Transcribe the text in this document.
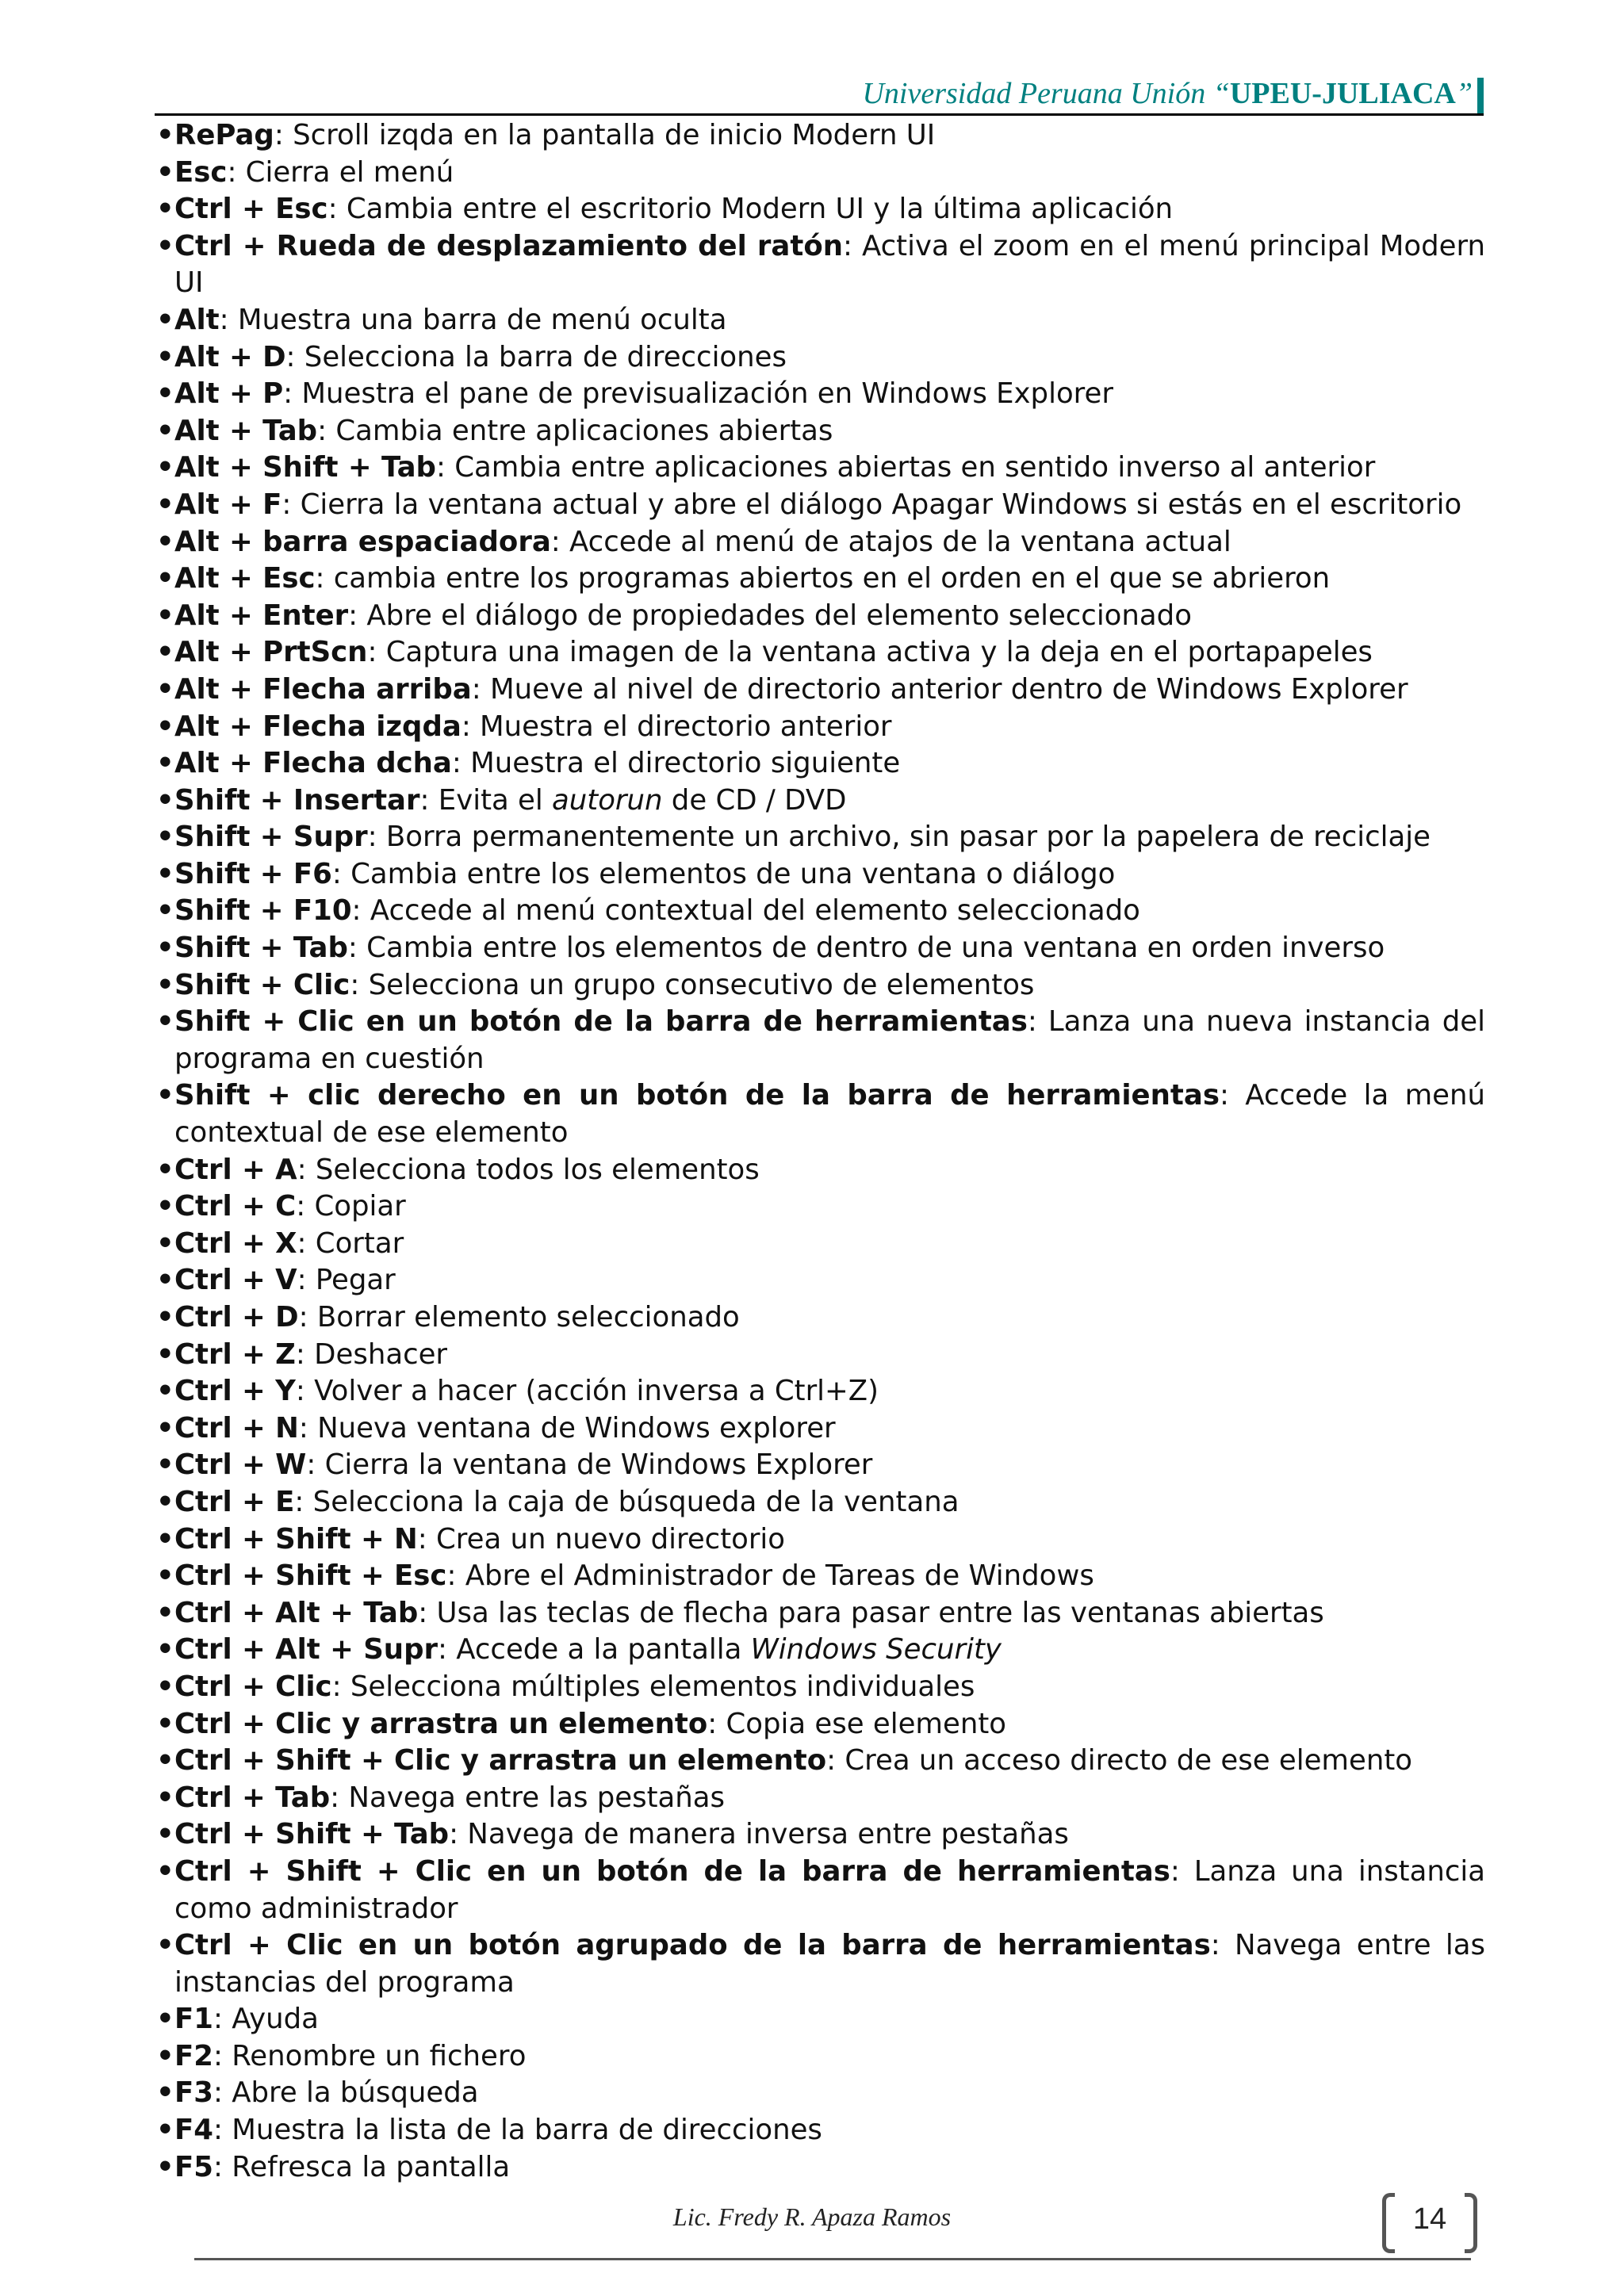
Universidad Peruana Unión “UPEU-JULIACA”
• RePag: Scroll izqda en la pantalla de inicio Modern UI
• Esc: Cierra el menú
• Ctrl + Esc: Cambia entre el escritorio Modern UI y la última aplicación
• Ctrl + Rueda de desplazamiento del ratón: Activa el zoom en el menú principal Modern UI
• Alt: Muestra una barra de menú oculta
• Alt + D: Selecciona la barra de direcciones
• Alt + P: Muestra el pane de previsualización en Windows Explorer
• Alt + Tab: Cambia entre aplicaciones abiertas
• Alt + Shift + Tab: Cambia entre aplicaciones abiertas en sentido inverso al anterior
• Alt + F: Cierra la ventana actual y abre el diálogo Apagar Windows si estás en el escritorio
• Alt + barra espaciadora: Accede al menú de atajos de la ventana actual
• Alt + Esc: cambia entre los programas abiertos en el orden en el que se abrieron
• Alt + Enter: Abre el diálogo de propiedades del elemento seleccionado
• Alt + PrtScn: Captura una imagen de la ventana activa y la deja en el portapapeles
• Alt + Flecha arriba: Mueve al nivel de directorio anterior dentro de Windows Explorer
• Alt + Flecha izqda: Muestra el directorio anterior
• Alt + Flecha dcha: Muestra el directorio siguiente
• Shift + Insertar: Evita el autorun de CD / DVD
• Shift + Supr: Borra permanentemente un archivo, sin pasar por la papelera de reciclaje
• Shift + F6: Cambia entre los elementos de una ventana o diálogo
• Shift + F10: Accede al menú contextual del elemento seleccionado
• Shift + Tab: Cambia entre los elementos de dentro de una ventana en orden inverso
• Shift + Clic: Selecciona un grupo consecutivo de elementos
• Shift + Clic en un botón de la barra de herramientas: Lanza una nueva instancia del programa en cuestión
• Shift + clic derecho en un botón de la barra de herramientas: Accede la menú contextual de ese elemento
• Ctrl + A: Selecciona todos los elementos
• Ctrl + C: Copiar
• Ctrl + X: Cortar
• Ctrl + V: Pegar
• Ctrl + D: Borrar elemento seleccionado
• Ctrl + Z: Deshacer
• Ctrl + Y: Volver a hacer (acción inversa a Ctrl+Z)
• Ctrl + N: Nueva ventana de Windows explorer
• Ctrl + W: Cierra la ventana de Windows Explorer
• Ctrl + E: Selecciona la caja de búsqueda de la ventana
• Ctrl + Shift + N: Crea un nuevo directorio
• Ctrl + Shift + Esc: Abre el Administrador de Tareas de Windows
• Ctrl + Alt + Tab: Usa las teclas de flecha para pasar entre las ventanas abiertas
• Ctrl + Alt + Supr: Accede a la pantalla Windows Security
• Ctrl + Clic: Selecciona múltiples elementos individuales
• Ctrl + Clic y arrastra un elemento: Copia ese elemento
• Ctrl + Shift + Clic y arrastra un elemento: Crea un acceso directo de ese elemento
• Ctrl + Tab: Navega entre las pestañas
• Ctrl + Shift + Tab: Navega de manera inversa entre pestañas
• Ctrl + Shift + Clic en un botón de la barra de herramientas: Lanza una instancia como administrador
• Ctrl + Clic en un botón agrupado de la barra de herramientas: Navega entre las instancias del programa
• F1: Ayuda
• F2: Renombre un fichero
• F3: Abre la búsqueda
• F4: Muestra la lista de la barra de direcciones
• F5: Refresca la pantalla
Lic. Fredy R. Apaza Ramos	14
